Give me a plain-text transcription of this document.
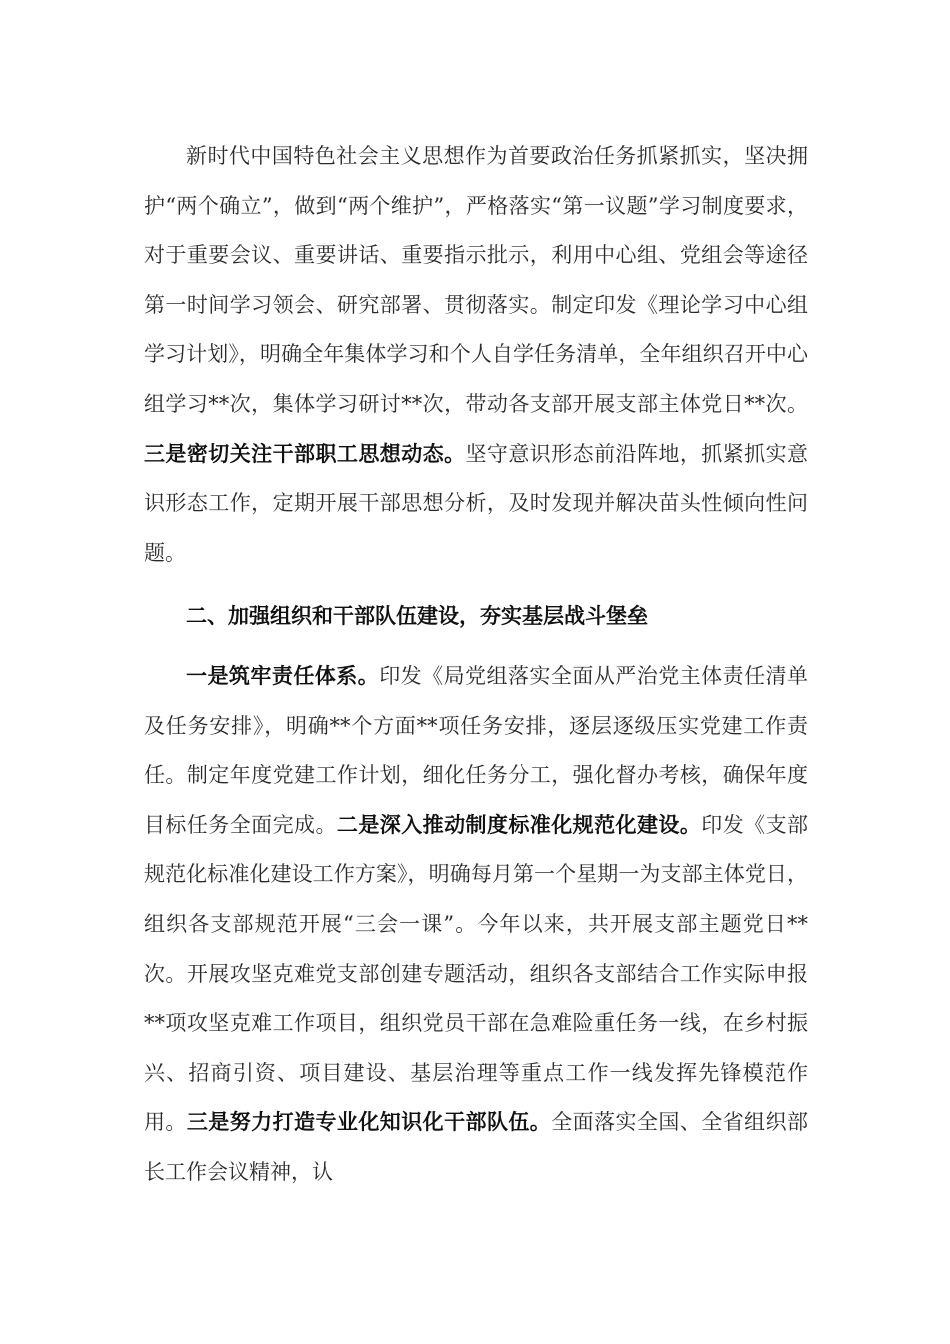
新时代中国特色社会主义思想作为首要政治任务抓紧抓实，坚决拥护“两个确立”，做到“两个维护”，严格落实“第一议题”学习制度要求，对于重要会议、重要讲话、重要指示批示，利用中心组、党组会等途径第一时间学习领会、研究部署、贯彻落实。制定印发《理论学习中心组学习计划》，明确全年集体学习和个人自学任务清单，全年组织召开中心组学习**次，集体学习研讨**次，带动各支部开展支部主体党日**次。三是密切关注干部职工思想动态。坚守意识形态前沿阵地，抓紧抓实意识形态工作，定期开展干部思想分析，及时发现并解决苗头性倾向性问题。

二、加强组织和干部队伍建设，夯实基层战斗堡垒

一是筑牢责任体系。印发《局党组落实全面从严治党主体责任清单及任务安排》，明确**个方面**项任务安排，逐层逐级压实党建工作责任。制定年度党建工作计划，细化任务分工，强化督办考核，确保年度目标任务全面完成。二是深入推动制度标准化规范化建设。印发《支部规范化标准化建设工作方案》，明确每月第一个星期一为支部主体党日，组织各支部规范开展“三会一课”。今年以来，共开展支部主题党日**次。开展攻坚克难党支部创建专题活动，组织各支部结合工作实际申报**项攻坚克难工作项目，组织党员干部在急难险重任务一线，在乡村振兴、招商引资、项目建设、基层治理等重点工作一线发挥先锋模范作用。三是努力打造专业化知识化干部队伍。全面落实全国、全省组织部长工作会议精神，认
